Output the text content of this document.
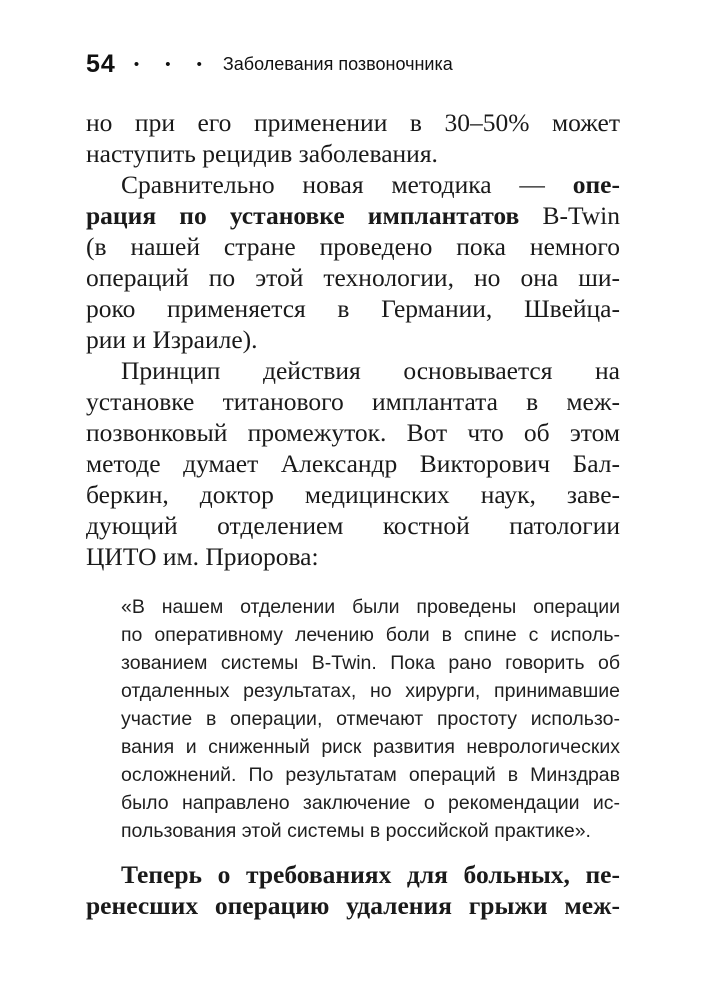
54 • • • Заболевания позвоночника
но при его применении в 30–50% может
наступить рецидив заболевания.
Сравнительно новая методика — опе-
рация по установке имплантатов B-Twin
(в нашей стране проведено пока немного
операций по этой технологии, но она ши-
роко применяется в Германии, Швейца-
рии и Израиле).
Принцип действия основывается на
установке титанового имплантата в меж-
позвонковый промежуток. Вот что об этом
методе думает Александр Викторович Бал-
беркин, доктор медицинских наук, заве-
дующий отделением костной патологии
ЦИТО им. Приорова:
«В нашем отделении были проведены операции
по оперативному лечению боли в спине с исполь-
зованием системы B-Twin. Пока рано говорить об
отдаленных результатах, но хирурги, принимавшие
участие в операции, отмечают простоту использо-
вания и сниженный риск развития неврологических
осложнений. По результатам операций в Минздрав
было направлено заключение о рекомендации ис-
пользования этой системы в российской практике».
Теперь о требованиях для больных, пе-
ренесших операцию удаления грыжи меж-
